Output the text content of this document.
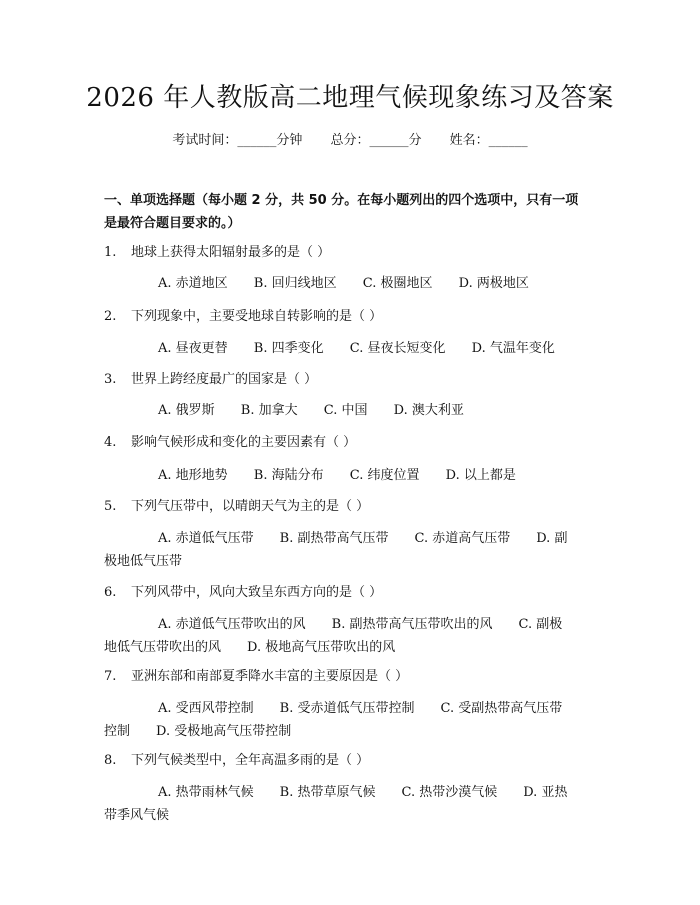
2026 年人教版高二地理气候现象练习及答案
考试时间：______分钟 总分：______分 姓名：______
一、单项选择题（每小题 2 分，共 50 分。在每小题列出的四个选项中，只有一项
是最符合题目要求的。）
1. 地球上获得太阳辐射最多的是（ ）
A. 赤道地区 B. 回归线地区 C. 极圈地区 D. 两极地区
2. 下列现象中，主要受地球自转影响的是（ ）
A. 昼夜更替 B. 四季变化 C. 昼夜长短变化 D. 气温年变化
3. 世界上跨经度最广的国家是（ ）
A. 俄罗斯 B. 加拿大 C. 中国 D. 澳大利亚
4. 影响气候形成和变化的主要因素有（ ）
A. 地形地势 B. 海陆分布 C. 纬度位置 D. 以上都是
5. 下列气压带中，以晴朗天气为主的是（ ）
A. 赤道低气压带　　B. 副热带高气压带　　C. 赤道高气压带　　D. 副
极地低气压带
6. 下列风带中，风向大致呈东西方向的是（ ）
A. 赤道低气压带吹出的风　　B. 副热带高气压带吹出的风　　C. 副极
地低气压带吹出的风　　D. 极地高气压带吹出的风
7. 亚洲东部和南部夏季降水丰富的主要原因是（ ）
A. 受西风带控制　　B. 受赤道低气压带控制　　C. 受副热带高气压带
控制　　D. 受极地高气压带控制
8. 下列气候类型中，全年高温多雨的是（ ）
A. 热带雨林气候　　B. 热带草原气候　　C. 热带沙漠气候　　D. 亚热
带季风气候
